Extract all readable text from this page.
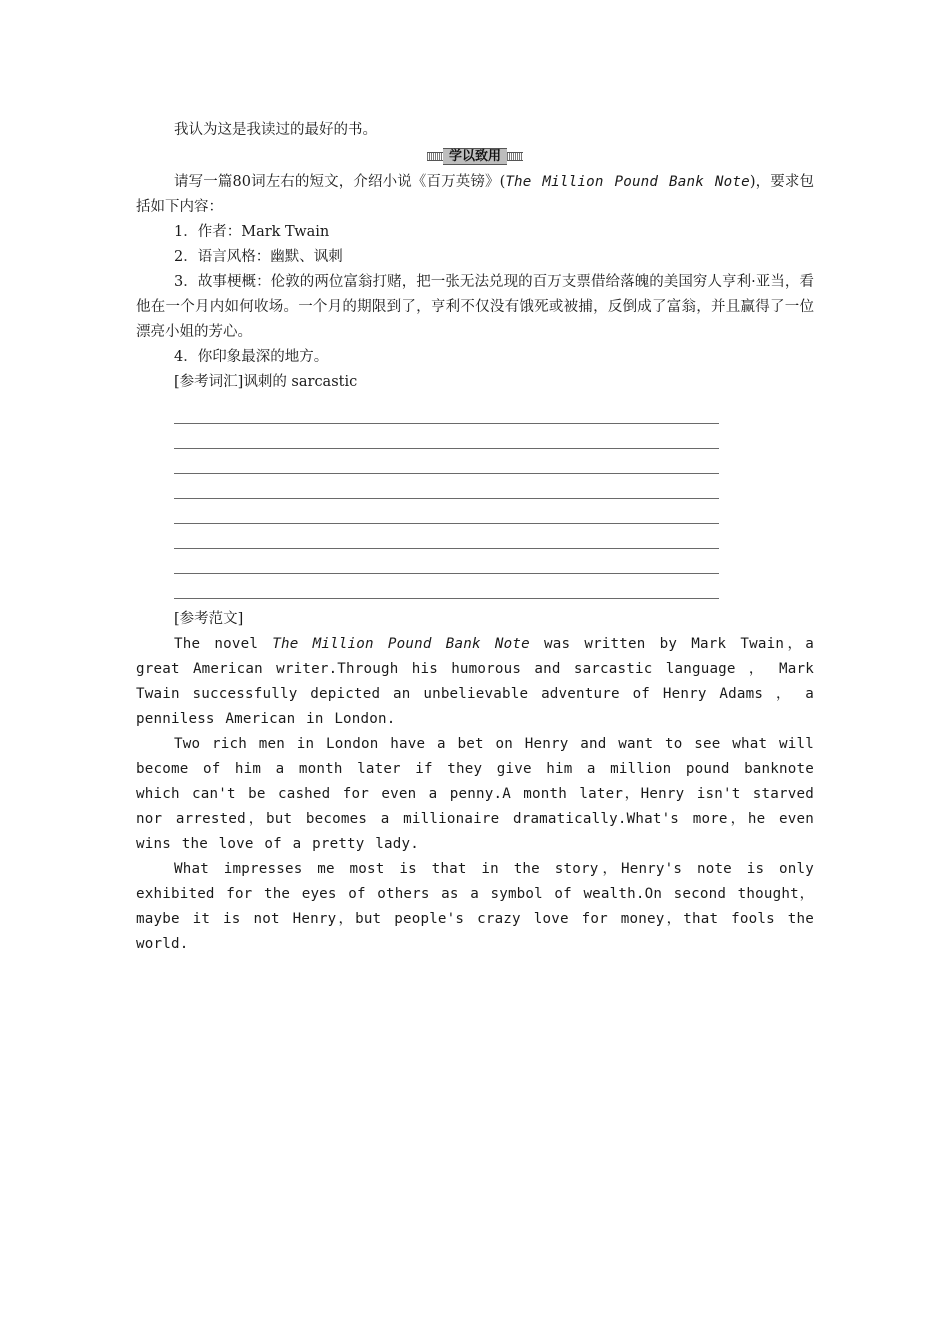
我认为这是我读过的最好的书。

学以致用

请写一篇80词左右的短文，介绍小说《百万英镑》(The Million Pound Bank Note)，要求包括如下内容：

1．作者：Mark Twain

2．语言风格：幽默、讽刺

3．故事梗概：伦敦的两位富翁打赌，把一张无法兑现的百万支票借给落魄的美国穷人亨利·亚当，看他在一个月内如何收场。一个月的期限到了，亨利不仅没有饿死或被捕，反倒成了富翁，并且赢得了一位漂亮小姐的芳心。

4．你印象最深的地方。

[参考词汇]讽刺的 sarcastic

[参考范文]

The novel The Million Pound Bank Note was written by Mark Twain，a great American writer.Through his humorous and sarcastic language ， Mark Twain successfully depicted an unbelievable adventure of Henry Adams ， a penniless American in London.

Two rich men in London have a bet on Henry and want to see what will become of him a month later if they give him a million pound banknote which can't be cashed for even a penny.A month later，Henry isn't starved nor arrested，but becomes a millionaire dramatically.What's more，he even wins the love of a pretty lady.

What impresses me most is that in the story，Henry's note is only exhibited for the eyes of others as a symbol of wealth.On second thought，maybe it is not Henry，but people's crazy love for money，that fools the world.
